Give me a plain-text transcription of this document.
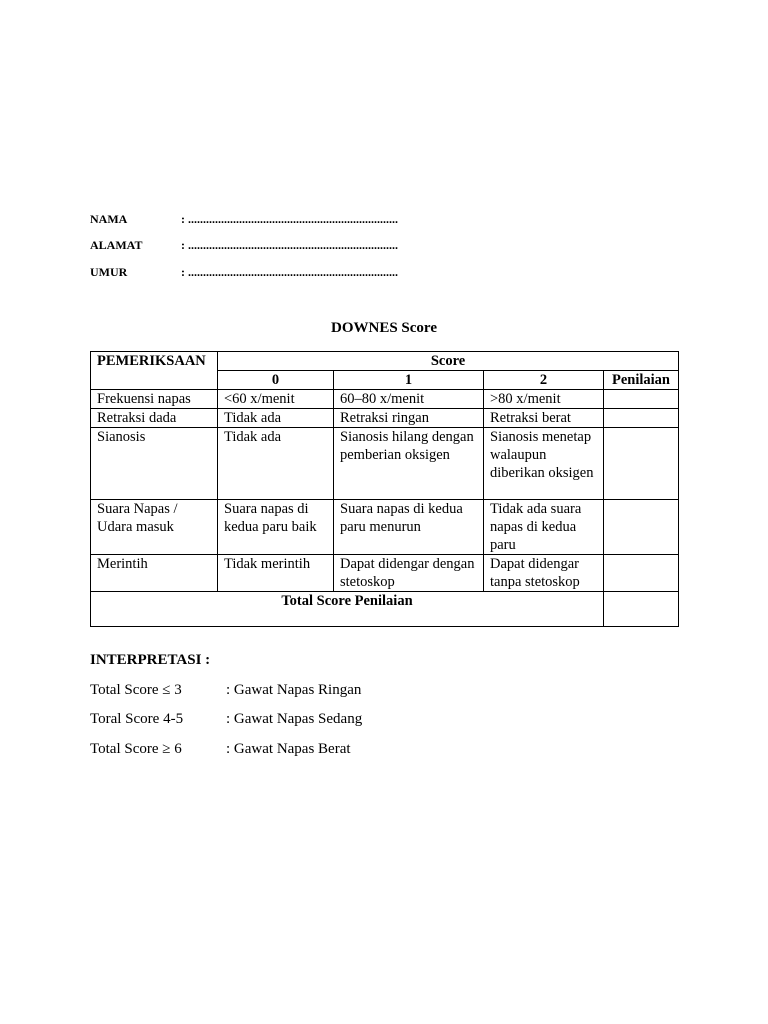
NAMA	: ......................................................................
ALAMAT	: ......................................................................
UMUR	: ......................................................................
DOWNES Score
PEMERIKSAAN	Score			
	0	1	2	Penilaian
Frekuensi napas	<60 x/menit	60–80 x/menit	>80 x/menit	
Retraksi dada	Tidak ada	Retraksi ringan	Retraksi berat	
Sianosis	Tidak ada	Sianosis hilang dengan pemberian oksigen	Sianosis menetap walaupun diberikan oksigen	
Suara Napas / Udara masuk	Suara napas di kedua paru baik	Suara napas di kedua paru menurun	Tidak ada suara napas di kedua paru	
Merintih	Tidak merintih	Dapat didengar dengan stetoskop	Dapat didengar tanpa stetoskop	
Total Score Penilaian				
INTERPRETASI :
Total Score ≤ 3	: Gawat Napas Ringan
Toral Score 4-5	: Gawat Napas Sedang
Total Score ≥ 6	: Gawat Napas Berat
